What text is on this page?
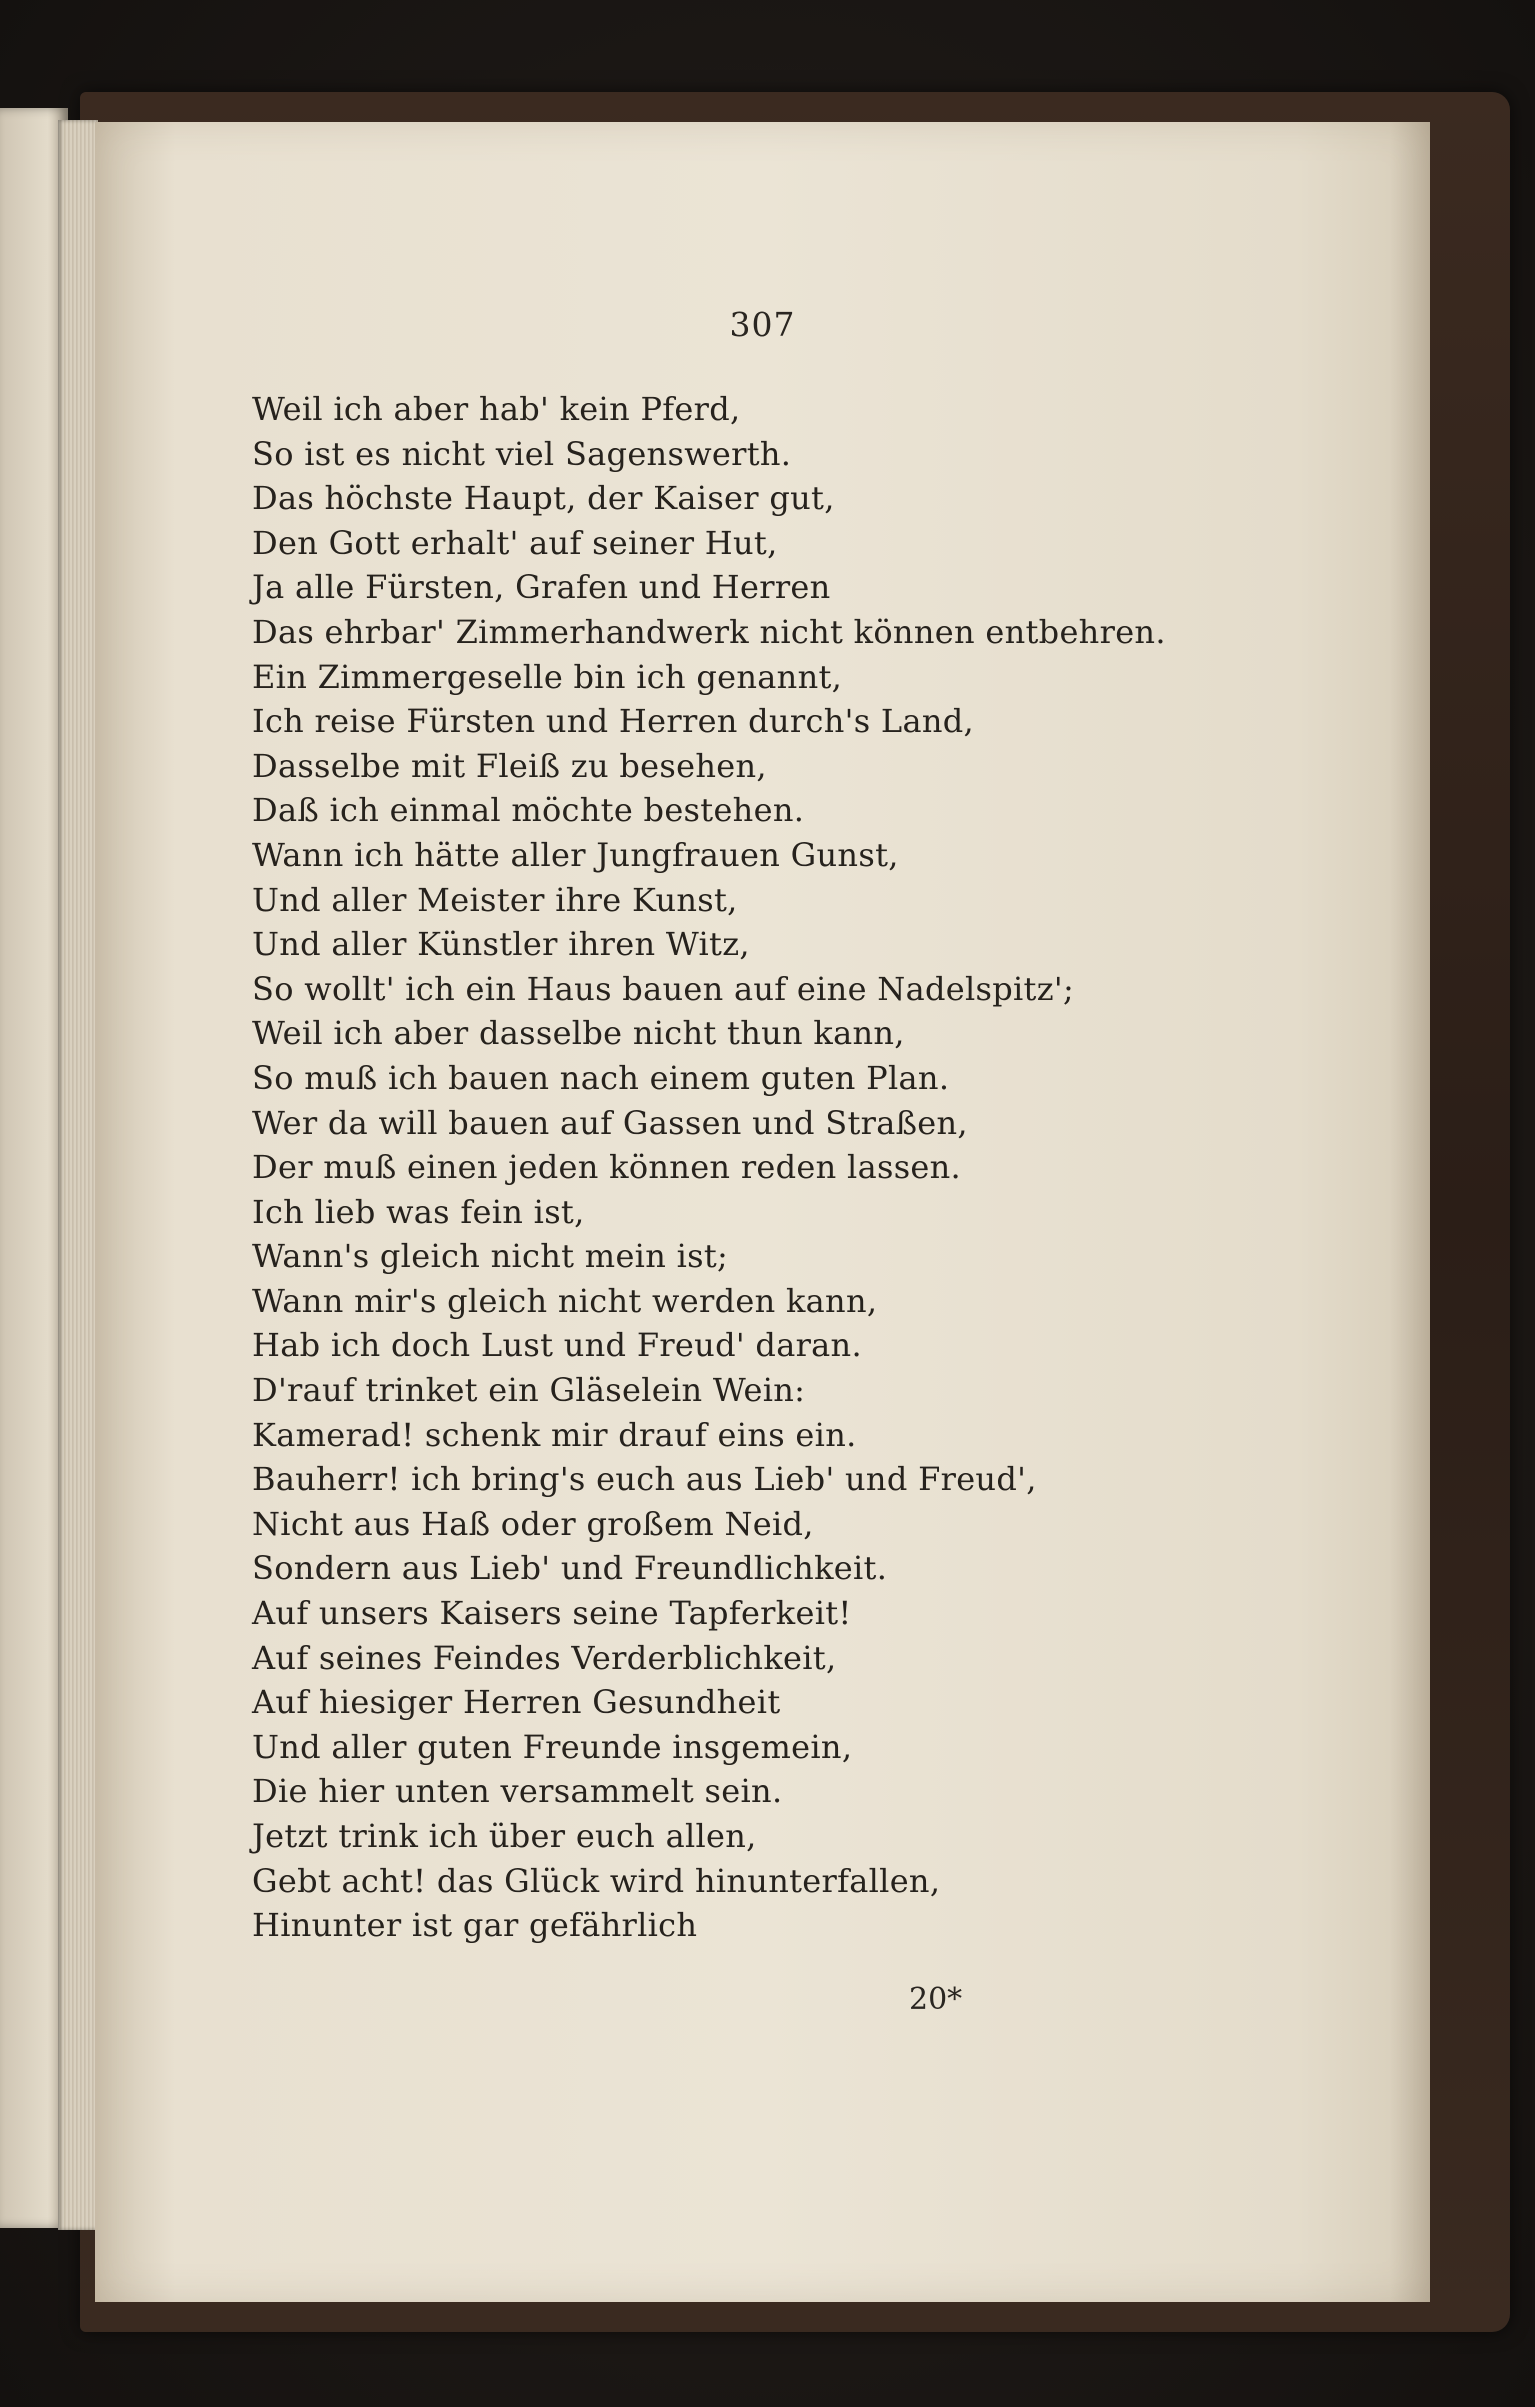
307
Weil ich aber hab' kein Pferd,
So ist es nicht viel Sagenswerth.
Das höchste Haupt, der Kaiser gut,
Den Gott erhalt' auf seiner Hut,
Ja alle Fürsten, Grafen und Herren
Das ehrbar' Zimmerhandwerk nicht können entbehren.
Ein Zimmergeselle bin ich genannt,
Ich reise Fürsten und Herren durch's Land,
Dasselbe mit Fleiß zu besehen,
Daß ich einmal möchte bestehen.
Wann ich hätte aller Jungfrauen Gunst,
Und aller Meister ihre Kunst,
Und aller Künstler ihren Witz,
So wollt' ich ein Haus bauen auf eine Nadelspitz';
Weil ich aber dasselbe nicht thun kann,
So muß ich bauen nach einem guten Plan.
Wer da will bauen auf Gassen und Straßen,
Der muß einen jeden können reden lassen.
Ich lieb was fein ist,
Wann's gleich nicht mein ist;
Wann mir's gleich nicht werden kann,
Hab ich doch Lust und Freud' daran.
D'rauf trinket ein Gläselein Wein:
Kamerad! schenk mir drauf eins ein.
Bauherr! ich bring's euch aus Lieb' und Freud',
Nicht aus Haß oder großem Neid,
Sondern aus Lieb' und Freundlichkeit.
Auf unsers Kaisers seine Tapferkeit!
Auf seines Feindes Verderblichkeit,
Auf hiesiger Herren Gesundheit
Und aller guten Freunde insgemein,
Die hier unten versammelt sein.
Jetzt trink ich über euch allen,
Gebt acht! das Glück wird hinunterfallen,
Hinunter ist gar gefährlich
20*
